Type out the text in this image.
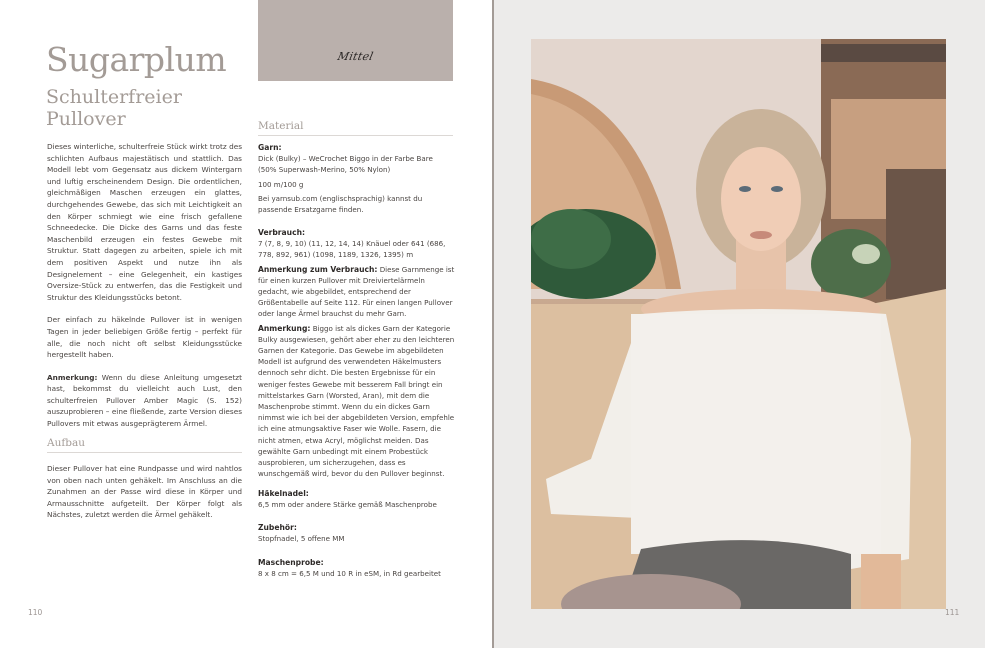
Sugarplum
Schulterfreier
Pullover

Dieses winterliche, schulterfreie Stück wirkt trotz des schlichten Aufbaus majestätisch und stattlich. Das Modell lebt vom Gegensatz aus dickem Wintergarn und luftig erscheinendem Design. Die ordentlichen, gleichmäßigen Maschen erzeugen ein glattes, durchgehendes Gewebe, das sich mit Leichtigkeit an den Körper schmiegt wie eine frisch gefallene Schneedecke. Die Dicke des Garns und das feste Maschenbild erzeugen ein festes Gewebe mit Struktur. Statt dagegen zu arbeiten, spiele ich mit dem positiven Aspekt und nutze ihn als Designelement – eine Gelegenheit, ein kastiges Oversize-Stück zu entwerfen, das die Festigkeit und Struktur des Kleidungsstücks betont.

Der einfach zu häkelnde Pullover ist in wenigen Tagen in jeder beliebigen Größe fertig – perfekt für alle, die noch nicht oft selbst Kleidungsstücke hergestellt haben.

Anmerkung: Wenn du diese Anleitung umgesetzt hast, bekommst du vielleicht auch Lust, den schulterfreien Pullover Amber Magic (S. 152) auszuprobieren – eine fließende, zarte Version dieses Pullovers mit etwas ausgeprägterem Ärmel.

Aufbau

Dieser Pullover hat eine Rundpasse und wird nahtlos von oben nach unten gehäkelt. Im Anschluss an die Zunahmen an der Passe wird diese in Körper und Armausschnitte aufgeteilt. Der Körper folgt als Nächstes, zuletzt werden die Ärmel gehäkelt.

110
Mittel
Material
Garn:
Dick (Bulky) – WeCrochet Biggo in der Farbe Bare
(50% Superwash-Merino, 50% Nylon)
100 m/100 g
Bei yarnsub.com (englischsprachig) kannst du passende Ersatzgarne finden.
Verbrauch:
7 (7, 8, 9, 10) (11, 12, 14, 14) Knäuel oder 641 (686, 778, 892, 961) (1098, 1189, 1326, 1395) m
Anmerkung zum Verbrauch: Diese Garnmenge ist für einen kurzen Pullover mit Dreiviertelärmeln gedacht, wie abgebildet, entsprechend der Größentabelle auf Seite 112. Für einen langen Pullover oder lange Ärmel brauchst du mehr Garn.
Anmerkung: Biggo ist als dickes Garn der Kategorie Bulky ausgewiesen, gehört aber eher zu den leichteren Garnen der Kategorie. Das Gewebe im abgebildeten Modell ist aufgrund des verwendeten Häkelmusters dennoch sehr dicht. Die besten Ergebnisse für ein weniger festes Gewebe mit besserem Fall bringt ein mittelstarkes Garn (Worsted, Aran), mit dem die Maschenprobe stimmt. Wenn du ein dickes Garn nimmst wie ich bei der abgebildeten Version, empfehle ich eine atmungsaktive Faser wie Wolle. Fasern, die nicht atmen, etwa Acryl, möglichst meiden. Das gewählte Garn unbedingt mit einem Probestück ausprobieren, um sicherzugehen, dass es wunschgemäß wird, bevor du den Pullover beginnst.
Häkelnadel:
6,5 mm oder andere Stärke gemäß Maschenprobe
Zubehör:
Stopfnadel, 5 offene MM
Maschenprobe:
8 x 8 cm = 6,5 M und 10 R in eSM, in Rd gearbeitet
111
